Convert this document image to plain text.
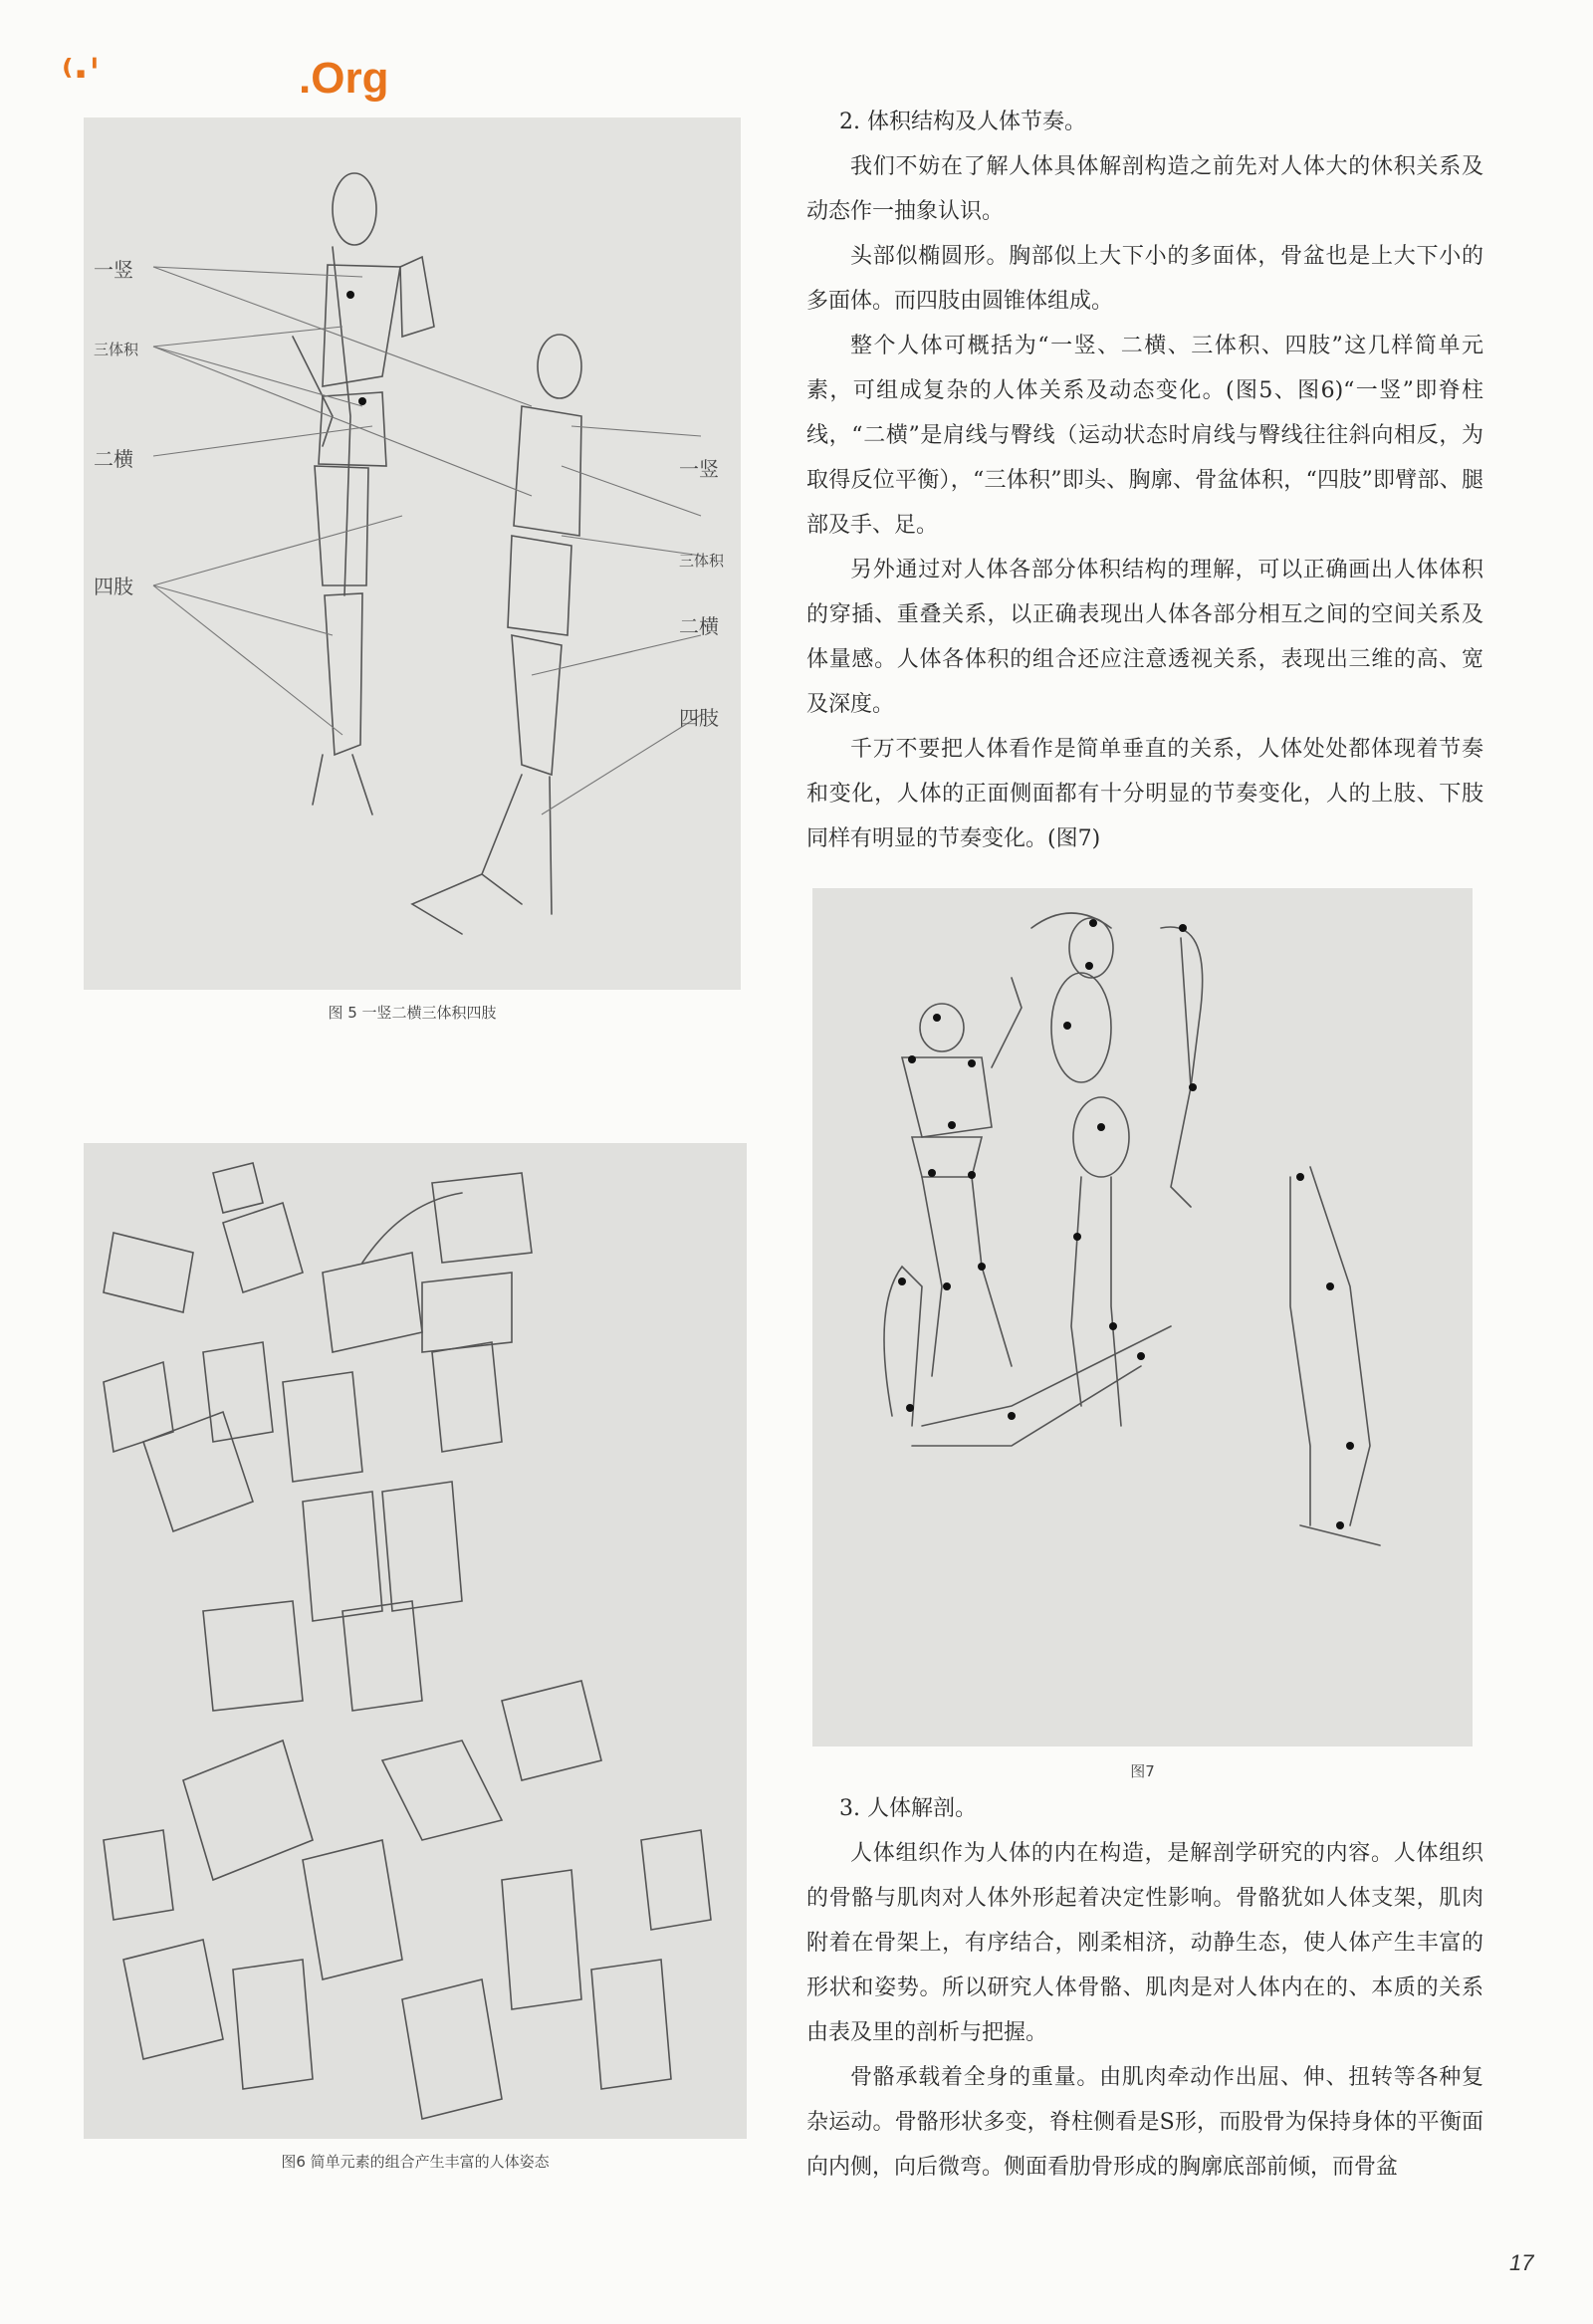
⁽·ˈ	.Org
一竖
三体积
二横
四肢
一竖
三体积
二横
四肢
图 5 一竖二横三体积四肢
图6 简单元素的组合产生丰富的人体姿态
图7

2. 体积结构及人体节奏。

我们不妨在了解人体具体解剖构造之前先对人体大的休积关系及动态作一抽象认识。

头部似椭圆形。胸部似上大下小的多面体，骨盆也是上大下小的多面体。而四肢由圆锥体组成。

整个人体可概括为“一竖、二横、三体积、四肢”这几样简单元素，可组成复杂的人体关系及动态变化。(图5、图6)“一竖”即脊柱线，“二横”是肩线与臀线（运动状态时肩线与臀线往往斜向相反，为取得反位平衡），“三体积”即头、胸廓、骨盆体积，“四肢”即臂部、腿部及手、足。

另外通过对人体各部分体积结构的理解，可以正确画出人体体积的穿插、重叠关系，以正确表现出人体各部分相互之间的空间关系及体量感。人体各体积的组合还应注意透视关系，表现出三维的高、宽及深度。

千万不要把人体看作是简单垂直的关系，人体处处都体现着节奏和变化，人体的正面侧面都有十分明显的节奏变化，人的上肢、下肢同样有明显的节奏变化。(图7)

3. 人体解剖。

人体组织作为人体的内在构造，是解剖学研究的内容。人体组织的骨骼与肌肉对人体外形起着决定性影响。骨骼犹如人体支架，肌肉附着在骨架上，有序结合，刚柔相济，动静生态，使人体产生丰富的形状和姿势。所以研究人体骨骼、肌肉是对人体内在的、本质的关系由表及里的剖析与把握。

骨骼承载着全身的重量。由肌肉牵动作出屈、伸、扭转等各种复杂运动。骨骼形状多变，脊柱侧看是S形，而股骨为保持身体的平衡面向内侧，向后微弯。侧面看肋骨形成的胸廓底部前倾，而骨盆

17
